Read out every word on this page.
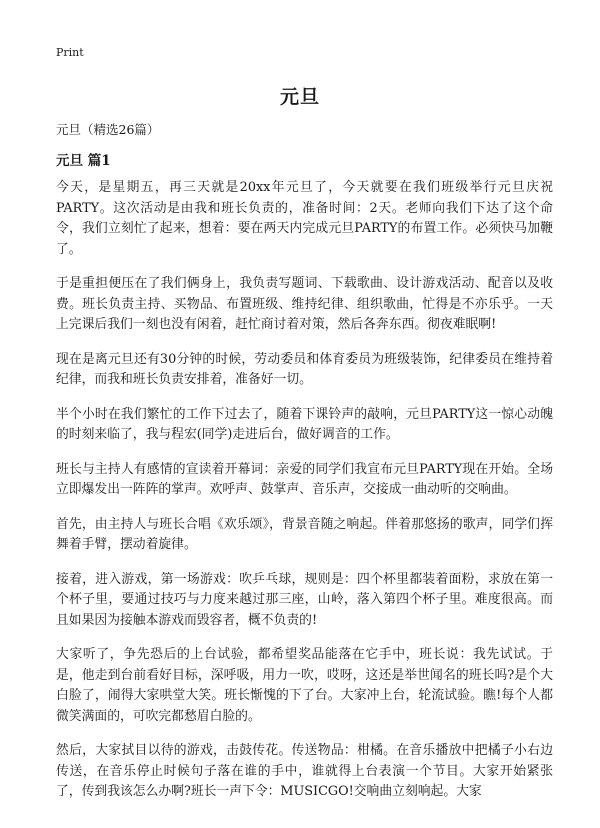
Print
元旦
元旦（精选26篇）
元旦 篇1

今天，是星期五，再三天就是20xx年元旦了，今天就要在我们班级举行元旦庆祝PARTY。这次活动是由我和班长负责的，准备时间：2天。老师向我们下达了这个命令，我们立刻忙了起来，想着：要在两天内完成元旦PARTY的布置工作。必须快马加鞭了。

于是重担便压在了我们俩身上，我负责写题词、下载歌曲、设计游戏活动、配音以及收费。班长负责主持、买物品、布置班级、维持纪律、组织歌曲，忙得是不亦乐乎。一天上完课后我们一刻也没有闲着，赶忙商讨着对策，然后各奔东西。彻夜难眠啊!

现在是离元旦还有30分钟的时候，劳动委员和体育委员为班级装饰，纪律委员在维持着纪律，而我和班长负责安排着，准备好一切。

半个小时在我们繁忙的工作下过去了，随着下课铃声的敲响，元旦PARTY这一惊心动魄的时刻来临了，我与程宏(同学)走进后台，做好调音的工作。

班长与主持人有感情的宣读着开幕词：亲爱的同学们我宣布元旦PARTY现在开始。全场立即爆发出一阵阵的掌声。欢呼声、鼓掌声、音乐声，交接成一曲动听的交响曲。

首先，由主持人与班长合唱《欢乐颂》，背景音随之响起。伴着那悠扬的歌声，同学们挥舞着手臂，摆动着旋律。

接着，进入游戏，第一场游戏：吹乒乓球，规则是：四个杯里都装着面粉，求放在第一个杯子里，要通过技巧与力度来越过那三座，山岭，落入第四个杯子里。难度很高。而且如果因为接触本游戏而毁容者，概不负责的!

大家听了，争先恐后的上台试验，都希望奖品能落在它手中，班长说：我先试试。于是，他走到台前看好目标，深呼吸，用力一吹，哎呀，这还是举世闻名的班长吗?是个大白脸了，闹得大家哄堂大笑。班长惭愧的下了台。大家冲上台，轮流试验。瞧!每个人都微笑满面的，可吹完都愁眉白脸的。

然后，大家拭目以待的游戏，击鼓传花。传送物品：柑橘。在音乐播放中把橘子小右边传送，在音乐停止时候句子落在谁的手中，谁就得上台表演一个节目。大家开始紧张了，传到我该怎么办啊?班长一声下令：MUSICGO!交响曲立刻响起。大家
